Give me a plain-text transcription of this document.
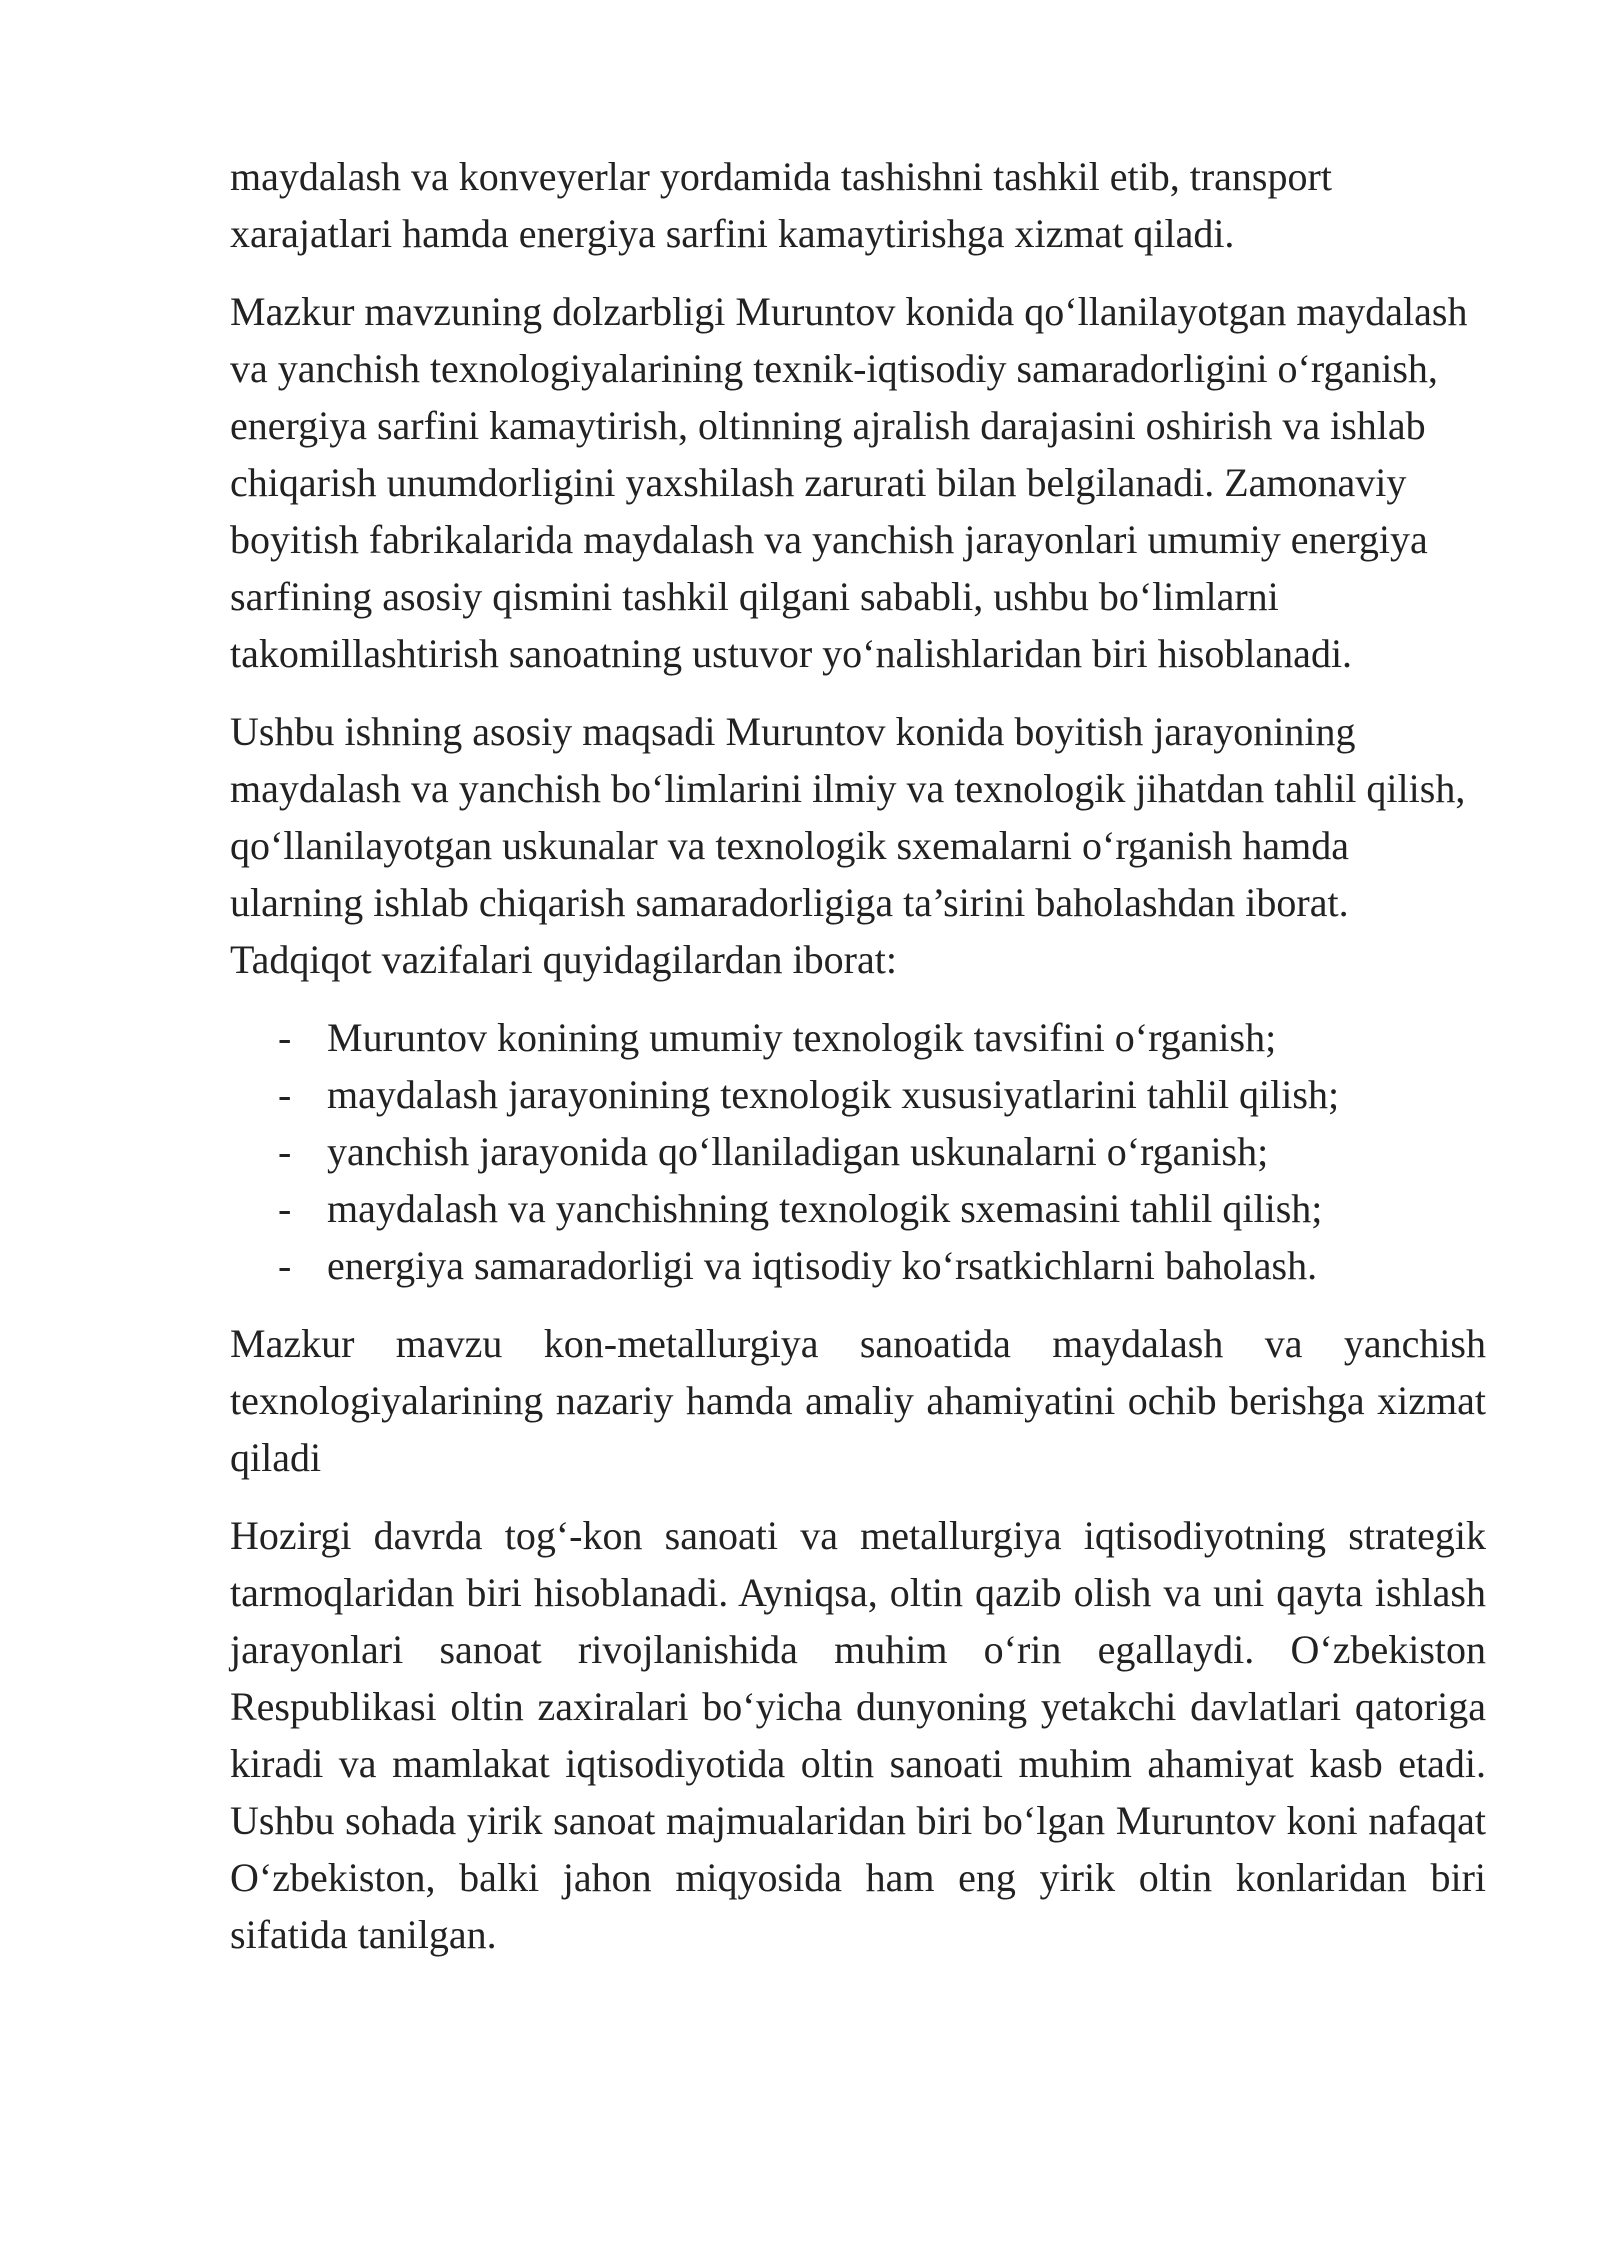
maydalash va konveyerlar yordamida tashishni tashkil etib, transport xarajatlari hamda energiya sarfini kamaytirishga xizmat qiladi.

Mazkur mavzuning dolzarbligi Muruntov konida qo‘llanilayotgan maydalash va yanchish texnologiyalarining texnik-iqtisodiy samaradorligini o‘rganish, energiya sarfini kamaytirish, oltinning ajralish darajasini oshirish va ishlab chiqarish unumdorligini yaxshilash zarurati bilan belgilanadi. Zamonaviy boyitish fabrikalarida maydalash va yanchish jarayonlari umumiy energiya sarfining asosiy qismini tashkil qilgani sababli, ushbu bo‘limlarni takomillashtirish sanoatning ustuvor yo‘nalishlaridan biri hisoblanadi.

Ushbu ishning asosiy maqsadi Muruntov konida boyitish jarayonining maydalash va yanchish bo‘limlarini ilmiy va texnologik jihatdan tahlil qilish, qo‘llanilayotgan uskunalar va texnologik sxemalarni o‘rganish hamda ularning ishlab chiqarish samaradorligiga ta’sirini baholashdan iborat. Tadqiqot vazifalari quyidagilardan iborat:

- Muruntov konining umumiy texnologik tavsifini o‘rganish;
- maydalash jarayonining texnologik xususiyatlarini tahlil qilish;
- yanchish jarayonida qo‘llaniladigan uskunalarni o‘rganish;
- maydalash va yanchishning texnologik sxemasini tahlil qilish;
- energiya samaradorligi va iqtisodiy ko‘rsatkichlarni baholash.

Mazkur mavzu kon-metallurgiya sanoatida maydalash va yanchish texnologiyalarining nazariy hamda amaliy ahamiyatini ochib berishga xizmat qiladi

Hozirgi davrda tog‘-kon sanoati va metallurgiya iqtisodiyotning strategik tarmoqlaridan biri hisoblanadi. Ayniqsa, oltin qazib olish va uni qayta ishlash jarayonlari sanoat rivojlanishida muhim o‘rin egallaydi. O‘zbekiston Respublikasi oltin zaxiralari bo‘yicha dunyoning yetakchi davlatlari qatoriga kiradi va mamlakat iqtisodiyotida oltin sanoati muhim ahamiyat kasb etadi. Ushbu sohada yirik sanoat majmualaridan biri bo‘lgan Muruntov koni nafaqat O‘zbekiston, balki jahon miqyosida ham eng yirik oltin konlaridan biri sifatida tanilgan.
